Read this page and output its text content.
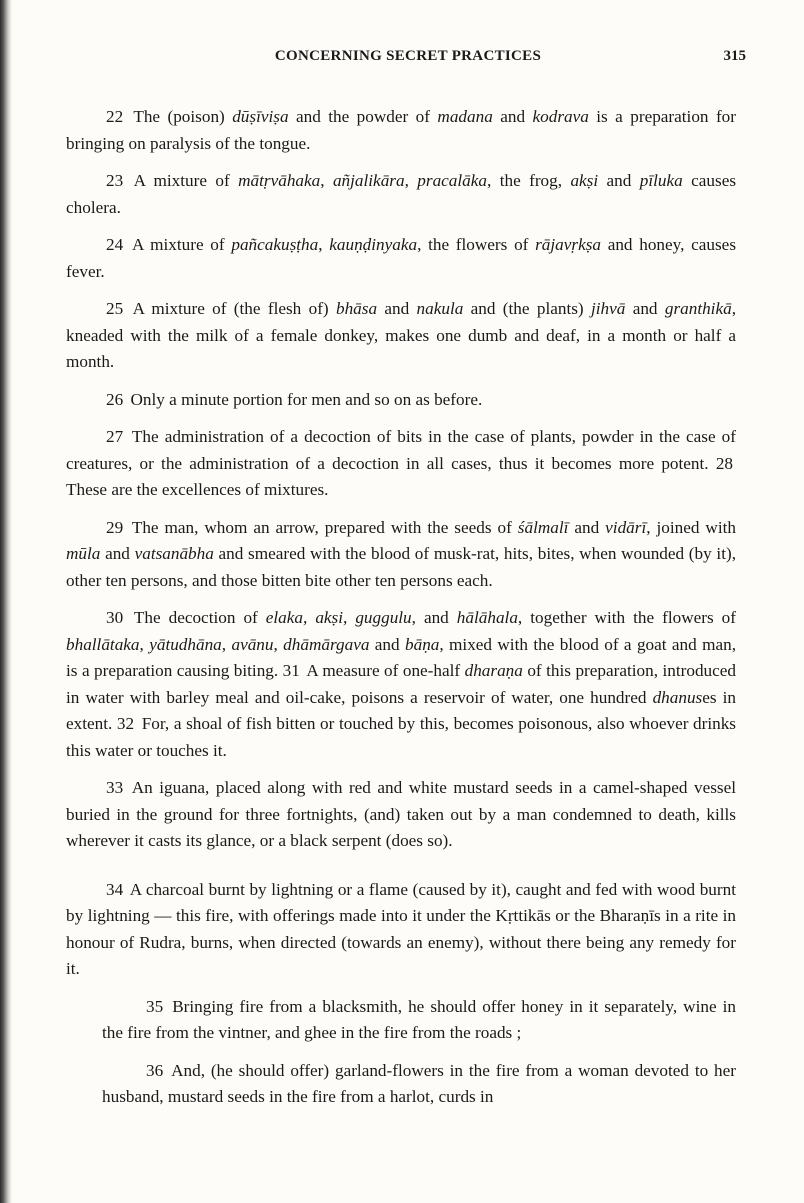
CONCERNING SECRET PRACTICES	315

22 The (poison) dūṣīviṣa and the powder of madana and kodrava is a preparation for bringing on paralysis of the tongue.

23 A mixture of mātṛvāhaka, añjalikāra, pracalāka, the frog, akṣi and pīluka causes cholera.

24 A mixture of pañcakuṣṭha, kauṇḍinyaka, the flowers of rājavṛkṣa and honey, causes fever.

25 A mixture of (the flesh of) bhāsa and nakula and (the plants) jihvā and granthikā, kneaded with the milk of a female donkey, makes one dumb and deaf, in a month or half a month.

26 Only a minute portion for men and so on as before.

27 The administration of a decoction of bits in the case of plants, powder in the case of creatures, or the administration of a decoction in all cases, thus it becomes more potent. 28 These are the excellences of mixtures.

29 The man, whom an arrow, prepared with the seeds of śālmalī and vidārī, joined with mūla and vatsanābha and smeared with the blood of musk-rat, hits, bites, when wounded (by it), other ten persons, and those bitten bite other ten persons each.

30 The decoction of elaka, akṣi, guggulu, and hālāhala, together with the flowers of bhallātaka, yātudhāna, avānu, dhāmārgava and bāṇa, mixed with the blood of a goat and man, is a preparation causing biting. 31 A measure of one-half dharaṇa of this preparation, introduced in water with barley meal and oil-cake, poisons a reservoir of water, one hundred dhanuses in extent. 32 For, a shoal of fish bitten or touched by this, becomes poisonous, also whoever drinks this water or touches it.

33 An iguana, placed along with red and white mustard seeds in a camel-shaped vessel buried in the ground for three fortnights, (and) taken out by a man condemned to death, kills wherever it casts its glance, or a black serpent (does so).

34 A charcoal burnt by lightning or a flame (caused by it), caught and fed with wood burnt by lightning — this fire, with offerings made into it under the Kṛttikās or the Bharaṇīs in a rite in honour of Rudra, burns, when directed (towards an enemy), without there being any remedy for it.

35 Bringing fire from a blacksmith, he should offer honey in it separately, wine in the fire from the vintner, and ghee in the fire from the roads ;

36 And, (he should offer) garland-flowers in the fire from a woman devoted to her husband, mustard seeds in the fire from a harlot, curds in
